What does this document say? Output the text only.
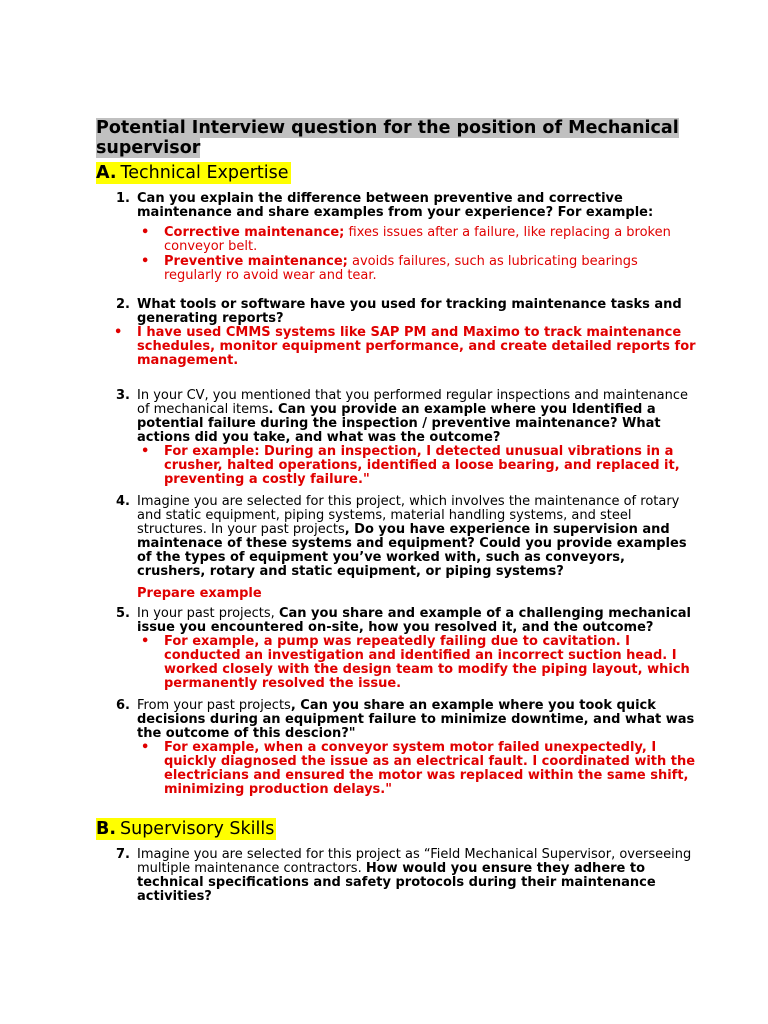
Potential Interview question for the position of Mechanical supervisor
A. Technical Expertise
1. Can you explain the difference between preventive and corrective maintenance and share examples from your experience? For example:
• Corrective maintenance; fixes issues after a failure, like replacing a broken conveyor belt.
• Preventive maintenance; avoids failures, such as lubricating bearings regularly ro avoid wear and tear.
2. What tools or software have you used for tracking maintenance tasks and generating reports?
• I have used CMMS systems like SAP PM and Maximo to track maintenance schedules, monitor equipment performance, and create detailed reports for management.
3. In your CV, you mentioned that you performed regular inspections and maintenance of mechanical items. Can you provide an example where you Identified a potential failure during the inspection / preventive maintenance? What actions did you take, and what was the outcome?
• For example: During an inspection, I detected unusual vibrations in a crusher, halted operations, identified a loose bearing, and replaced it, preventing a costly failure."
4. Imagine you are selected for this project, which involves the maintenance of rotary and static equipment, piping systems, material handling systems, and steel structures. In your past projects, Do you have experience in supervision and maintenace of these systems and equipment? Could you provide examples of the types of equipment you’ve worked with, such as conveyors, crushers, rotary and static equipment, or piping systems?
Prepare example
5. In your past projects, Can you share and example of a challenging mechanical issue you encountered on-site, how you resolved it, and the outcome?
• For example, a pump was repeatedly failing due to cavitation. I conducted an investigation and identified an incorrect suction head. I worked closely with the design team to modify the piping layout, which permanently resolved the issue.
6. From your past projects, Can you share an example where you took quick decisions during an equipment failure to minimize downtime, and what was the outcome of this descion?"
• For example, when a conveyor system motor failed unexpectedly, I quickly diagnosed the issue as an electrical fault. I coordinated with the electricians and ensured the motor was replaced within the same shift, minimizing production delays."
B. Supervisory Skills
7. Imagine you are selected for this project as “Field Mechanical Supervisor, overseeing multiple maintenance contractors. How would you ensure they adhere to technical specifications and safety protocols during their maintenance activities?
